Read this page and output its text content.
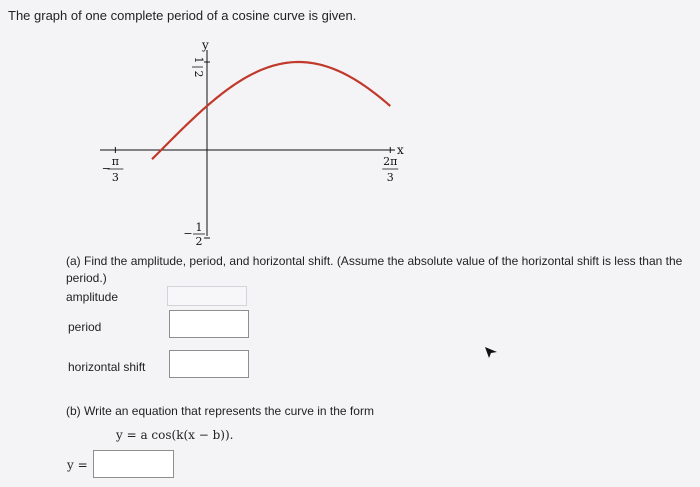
The graph of one complete period of a cosine curve is given.
−
π
3
2π
3
1
2
− 1
2
y
x
(a) Find the amplitude, period, and horizontal shift. (Assume the absolute value of the horizontal shift is less than the period.)
amplitude
period
horizontal shift
(b) Write an equation that represents the curve in the form
y = a cos(k(x − b)).
y =
